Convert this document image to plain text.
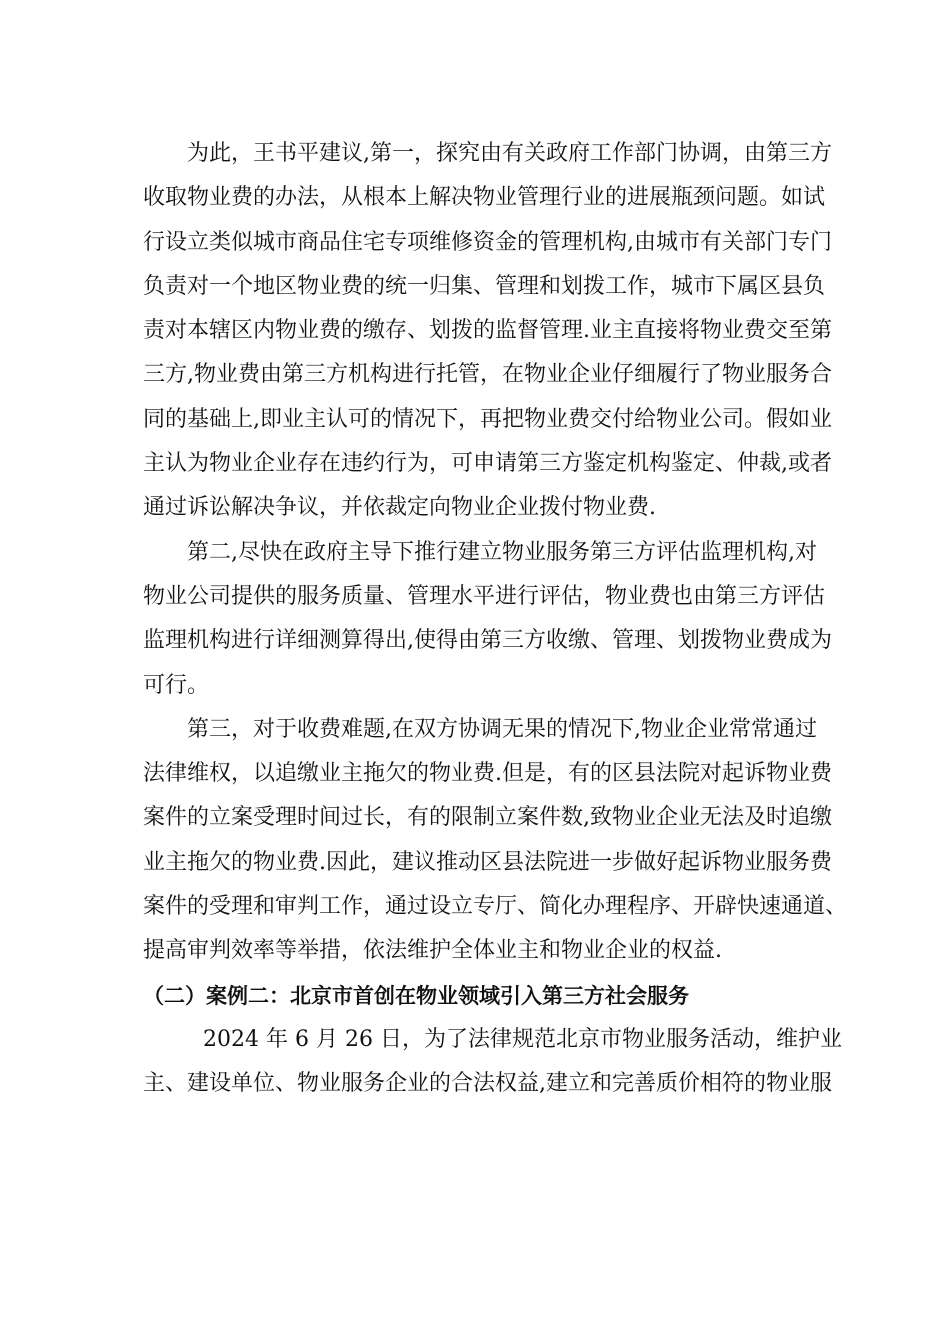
为此，王书平建议,第一，探究由有关政府工作部门协调，由第三方
收取物业费的办法，从根本上解决物业管理行业的进展瓶颈问题。如试
行设立类似城市商品住宅专项维修资金的管理机构,由城市有关部门专门
负责对一个地区物业费的统一归集、管理和划拨工作，城市下属区县负
责对本辖区内物业费的缴存、划拨的监督管理.业主直接将物业费交至第
三方,物业费由第三方机构进行托管，在物业企业仔细履行了物业服务合
同的基础上,即业主认可的情况下，再把物业费交付给物业公司。假如业
主认为物业企业存在违约行为，可申请第三方鉴定机构鉴定、仲裁,或者
通过诉讼解决争议，并依裁定向物业企业拨付物业费.
第二,尽快在政府主导下推行建立物业服务第三方评估监理机构,对
物业公司提供的服务质量、管理水平进行评估，物业费也由第三方评估
监理机构进行详细测算得出,使得由第三方收缴、管理、划拨物业费成为
可行。
第三，对于收费难题,在双方协调无果的情况下,物业企业常常通过
法律维权，以追缴业主拖欠的物业费.但是，有的区县法院对起诉物业费
案件的立案受理时间过长，有的限制立案件数,致物业企业无法及时追缴
业主拖欠的物业费.因此，建议推动区县法院进一步做好起诉物业服务费
案件的受理和审判工作，通过设立专厅、简化办理程序、开辟快速通道、
提高审判效率等举措，依法维护全体业主和物业企业的权益.
（二）案例二：北京市首创在物业领域引入第三方社会服务
2024 年 6 月 26 日，为了法律规范北京市物业服务活动，维护业
主、建设单位、物业服务企业的合法权益,建立和完善质价相符的物业服
